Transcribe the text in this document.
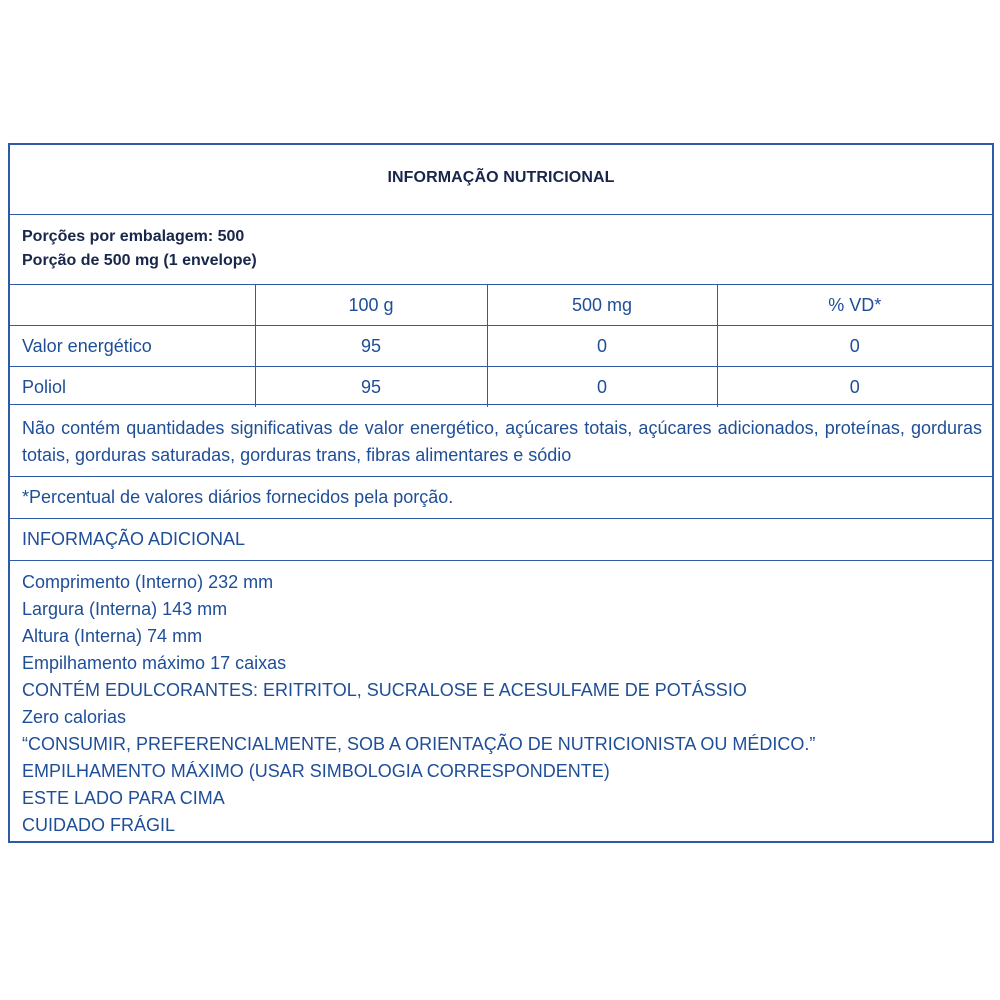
INFORMAÇÃO NUTRICIONAL
Porções por embalagem: 500
Porção de 500 mg (1 envelope)
	100 g	500 mg	% VD*
Valor energético	95	0	0
Poliol	95	0	0
Não contém quantidades significativas de valor energético, açúcares totais, açúcares adicionados, proteínas, gorduras totais, gorduras saturadas, gorduras trans, fibras alimentares e sódio
*Percentual de valores diários fornecidos pela porção.
INFORMAÇÃO ADICIONAL
Comprimento (Interno) 232 mm
Largura (Interna) 143 mm
Altura (Interna) 74 mm
Empilhamento máximo 17 caixas
CONTÉM EDULCORANTES: ERITRITOL, SUCRALOSE E ACESULFAME DE POTÁSSIO
Zero calorias
“CONSUMIR, PREFERENCIALMENTE, SOB A ORIENTAÇÃO DE NUTRICIONISTA OU MÉDICO.”
EMPILHAMENTO MÁXIMO (USAR SIMBOLOGIA CORRESPONDENTE)
ESTE LADO PARA CIMA
CUIDADO FRÁGIL
